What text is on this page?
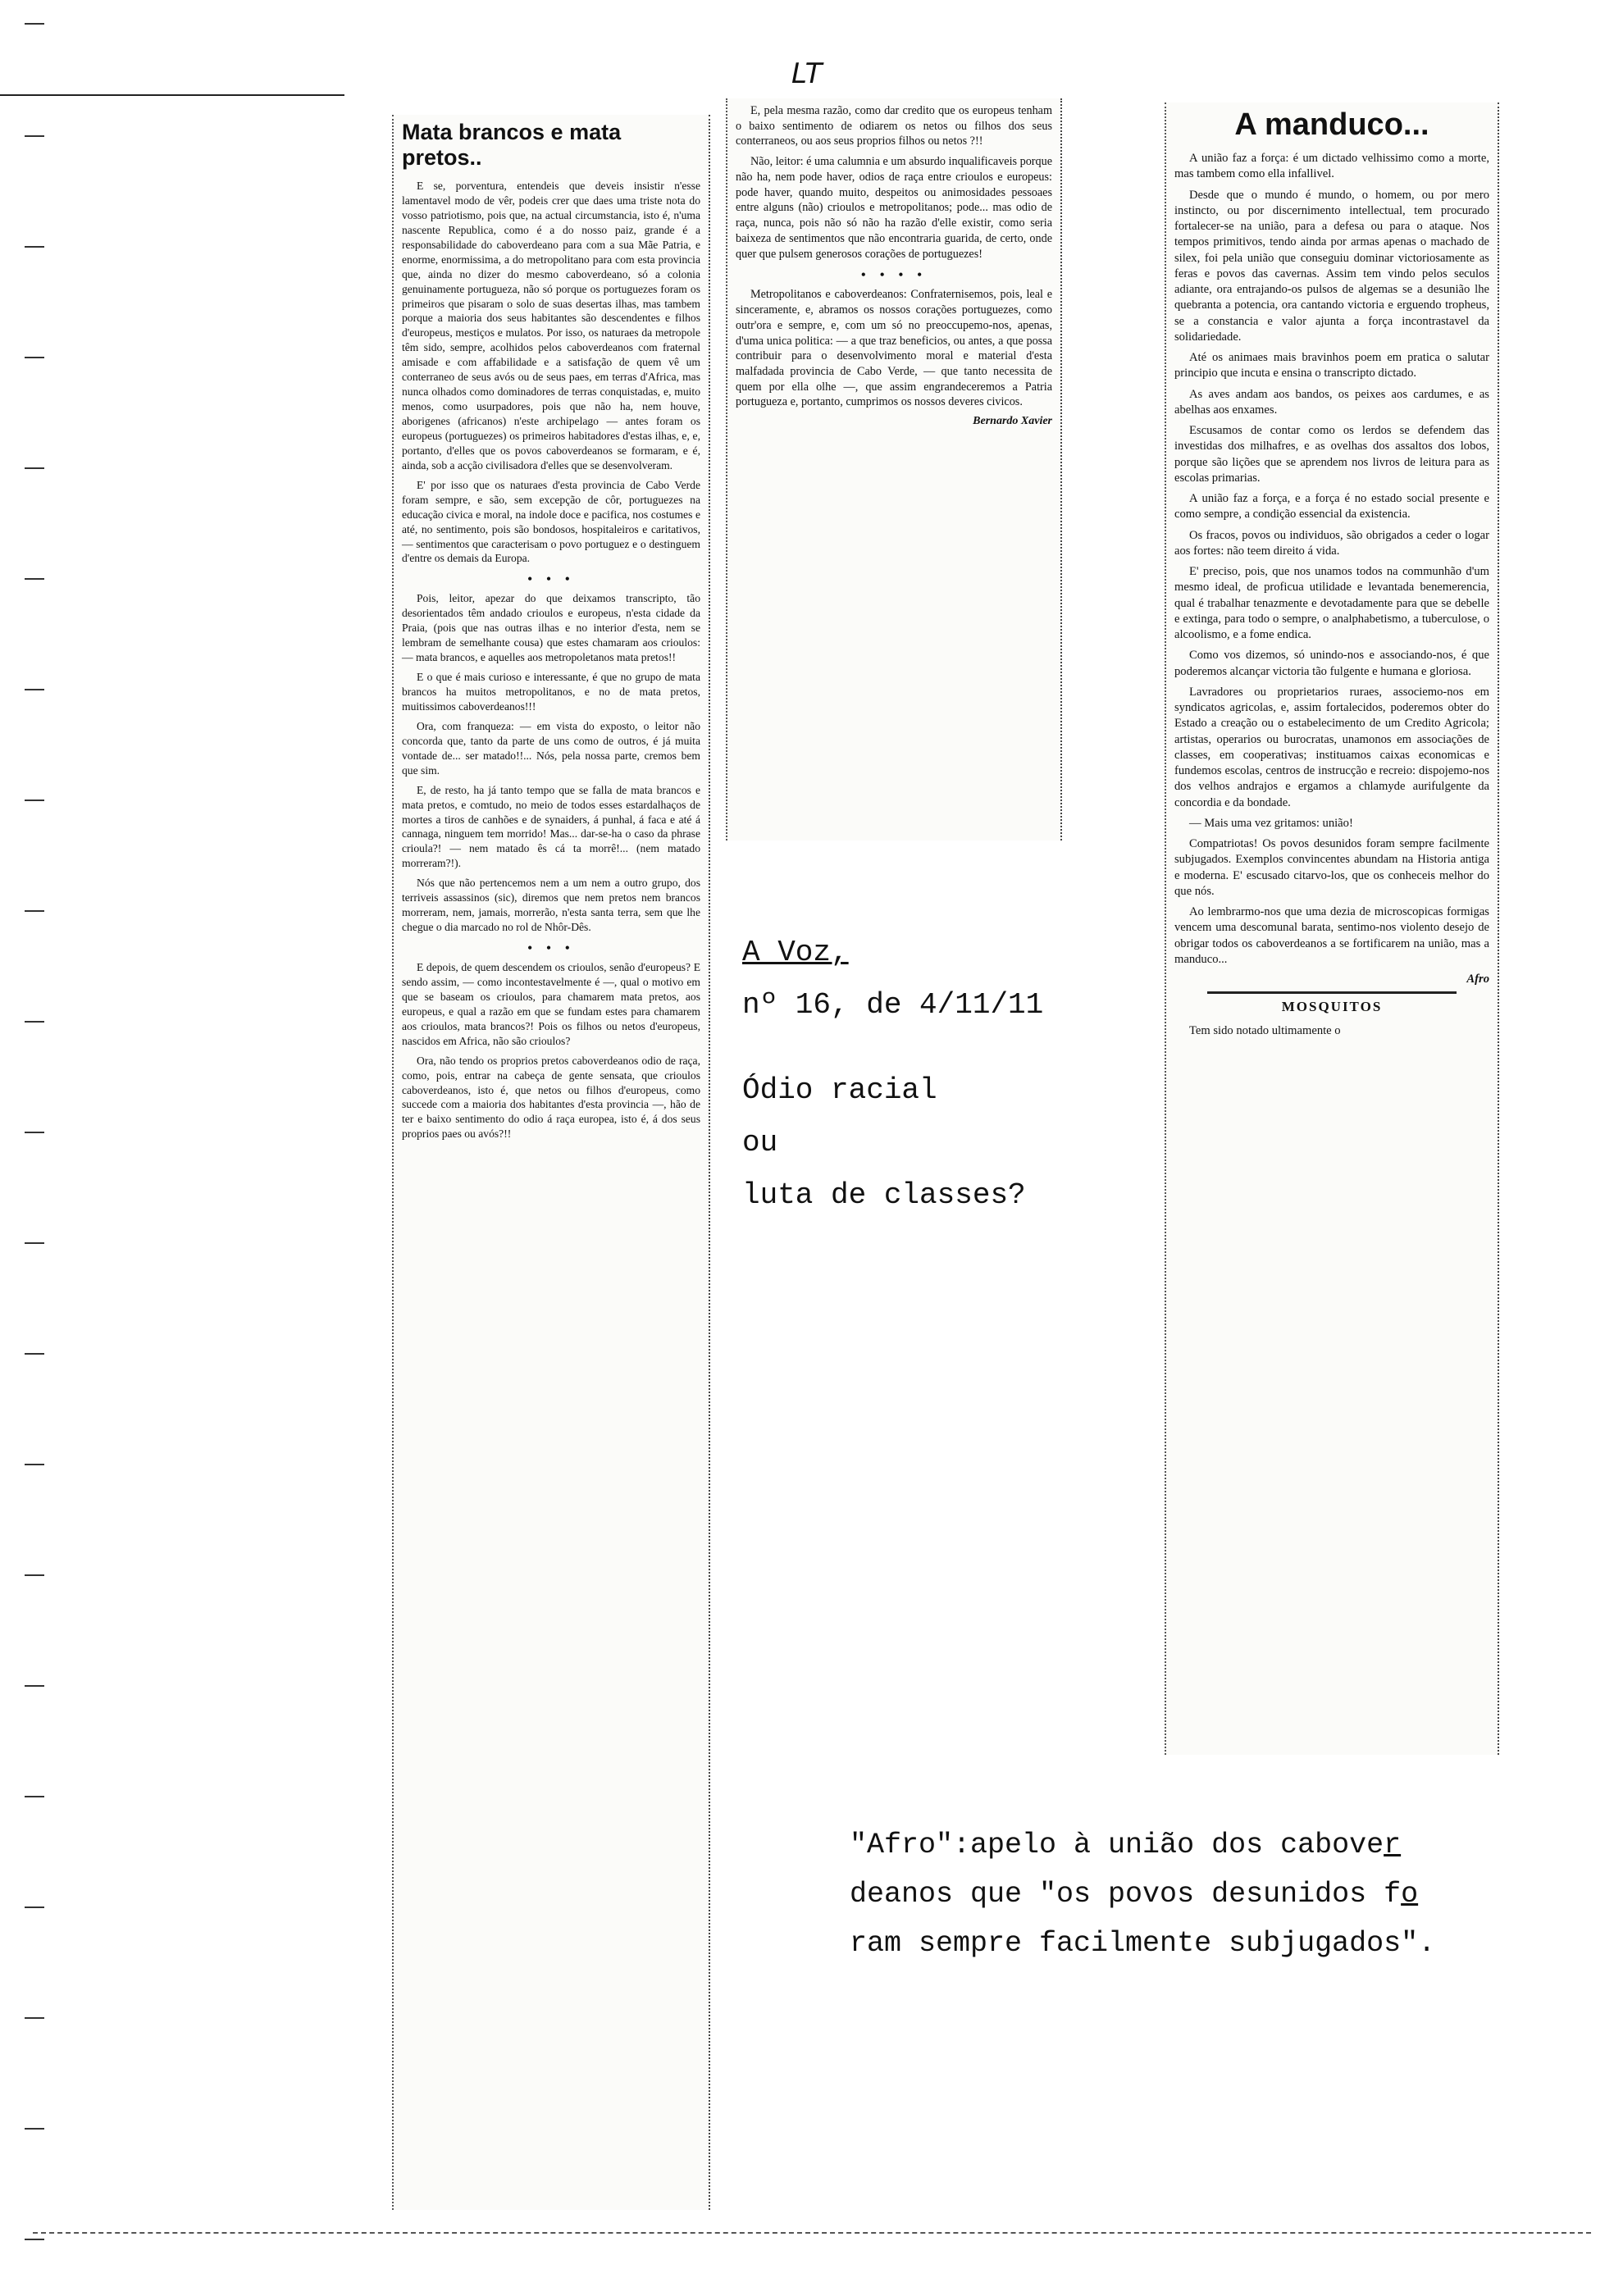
LT
Mata brancos e mata pretos..

E se, porventura, entendeis que deveis insistir n'esse lamentavel modo de vêr, podeis crer que daes uma triste nota do vosso patriotismo, pois que, na actual circumstancia, isto é, n'uma nascente Republica, como é a do nosso paiz, grande é a responsabilidade do caboverdeano para com a sua Mãe Patria, e enorme, enormissima, a do metropolitano para com esta provincia que, ainda no dizer do mesmo caboverdeano, só a colonia genuinamente portugueza, não só porque os portuguezes foram os primeiros que pisaram o solo de suas desertas ilhas, mas tambem porque a maioria dos seus habitantes são descendentes e filhos d'europeus, mestiços e mulatos. Por isso, os naturaes da metropole têm sido, sempre, acolhidos pelos caboverdeanos com fraternal amisade e com affabilidade e a satisfação de quem vê um conterraneo de seus avós ou de seus paes, em terras d'Africa, mas nunca olhados como dominadores de terras conquistadas, e, muito menos, como usurpadores, pois que não ha, nem houve, aborigenes (africanos) n'este archipelago — antes foram os europeus (portuguezes) os primeiros habitadores d'estas ilhas, e, e, portanto, d'elles que os povos caboverdeanos se formaram, e é, ainda, sob a acção civilisadora d'elles que se desenvolveram.

E' por isso que os naturaes d'esta provincia de Cabo Verde foram sempre, e são, sem excepção de côr, portuguezes na educação civica e moral, na indole doce e pacifica, nos costumes e até, no sentimento, pois são bondosos, hospitaleiros e caritativos, — sentimentos que caracterisam o povo portuguez e o destinguem d'entre os demais da Europa.

• • •

Pois, leitor, apezar do que deixamos transcripto, tão desorientados têm andado crioulos e europeus, n'esta cidade da Praia, (pois que nas outras ilhas e no interior d'esta, nem se lembram de semelhante cousa) que estes chamaram aos crioulos: — mata brancos, e aquelles aos metropoletanos mata pretos!!

E o que é mais curioso e interessante, é que no grupo de mata brancos ha muitos metropolitanos, e no de mata pretos, muitissimos caboverdeanos!!!

Ora, com franqueza: — em vista do exposto, o leitor não concorda que, tanto da parte de uns como de outros, é já muita vontade de... ser matado!!... Nós, pela nossa parte, cremos bem que sim.

E, de resto, ha já tanto tempo que se falla de mata brancos e mata pretos, e comtudo, no meio de todos esses estardalhaços de mortes a tiros de canhões e de synaiders, á punhal, á faca e até á cannaga, ninguem tem morrido! Mas... dar-se-ha o caso da phrase crioula?! — nem matado ês cá ta morrê!... (nem matado morreram?!).

Nós que não pertencemos nem a um nem a outro grupo, dos terriveis assassinos (sic), diremos que nem pretos nem brancos morreram, nem, jamais, morrerão, n'esta santa terra, sem que lhe chegue o dia marcado no rol de Nhôr-Dês.

• • •

E depois, de quem descendem os crioulos, senão d'europeus? E sendo assim, — como incontestavelmente é —, qual o motivo em que se baseam os crioulos, para chamarem mata pretos, aos europeus, e qual a razão em que se fundam estes para chamarem aos crioulos, mata brancos?! Pois os filhos ou netos d'europeus, nascidos em Africa, não são crioulos?

Ora, não tendo os proprios pretos caboverdeanos odio de raça, como, pois, entrar na cabeça de gente sensata, que crioulos caboverdeanos, isto é, que netos ou filhos d'europeus, como succede com a maioria dos habitantes d'esta provincia —, hão de ter e baixo sentimento do odio á raça europea, isto é, á dos seus proprios paes ou avós?!!

E, pela mesma razão, como dar credito que os europeus tenham o baixo sentimento de odiarem os netos ou filhos dos seus conterraneos, ou aos seus proprios filhos ou netos ?!!

Não, leitor: é uma calumnia e um absurdo inqualificaveis porque não ha, nem pode haver, odios de raça entre crioulos e europeus: pode haver, quando muito, despeitos ou animosidades pessoaes entre alguns (não) crioulos e metropolitanos; pode... mas odio de raça, nunca, pois não só não ha razão d'elle existir, como seria baixeza de sentimentos que não encontraria guarida, de certo, onde quer que pulsem generosos corações de portuguezes!

• • • •

Metropolitanos e caboverdeanos: Confraternisemos, pois, leal e sinceramente, e, abramos os nossos corações portuguezes, como outr'ora e sempre, e, com um só no preoccupemo-nos, apenas, d'uma unica politica: — a que traz beneficios, ou antes, a que possa contribuir para o desenvolvimento moral e material d'esta malfadada provincia de Cabo Verde, — que tanto necessita de quem por ella olhe —, que assim engrandeceremos a Patria portugueza e, portanto, cumprimos os nossos deveres civicos.

Bernardo Xavier
A manduco...

A união faz a força: é um dictado velhissimo como a morte, mas tambem como ella infallivel.

Desde que o mundo é mundo, o homem, ou por mero instincto, ou por discernimento intellectual, tem procurado fortalecer-se na união, para a defesa ou para o ataque. Nos tempos primitivos, tendo ainda por armas apenas o machado de silex, foi pela união que conseguiu dominar victoriosamente as feras e povos das cavernas. Assim tem vindo pelos seculos adiante, ora entrajando-os pulsos de algemas se a desunião lhe quebranta a potencia, ora cantando victoria e erguendo tropheus, se a constancia e valor ajunta a força incontrastavel da solidariedade.

Até os animaes mais bravinhos poem em pratica o salutar principio que incuta e ensina o transcripto dictado.

As aves andam aos bandos, os peixes aos cardumes, e as abelhas aos enxames.

Escusamos de contar como os lerdos se defendem das investidas dos milhafres, e as ovelhas dos assaltos dos lobos, porque são lições que se aprendem nos livros de leitura para as escolas primarias.

A união faz a força, e a força é no estado social presente e como sempre, a condição essencial da existencia.

Os fracos, povos ou individuos, são obrigados a ceder o logar aos fortes: não teem direito á vida.

E' preciso, pois, que nos unamos todos na communhão d'um mesmo ideal, de proficua utilidade e levantada benemerencia, qual é trabalhar tenazmente e devotadamente para que se debelle e extinga, para todo o sempre, o analphabetismo, a tuberculose, o alcoolismo, e a fome endica.

Como vos dizemos, só unindo-nos e associando-nos, é que poderemos alcançar victoria tão fulgente e humana e gloriosa.

Lavradores ou proprietarios ruraes, associemo-nos em syndicatos agricolas, e, assim fortalecidos, poderemos obter do Estado a creação ou o estabelecimento de um Credito Agricola; artistas, operarios ou burocratas, unamonos em associações de classes, em cooperativas; instituamos caixas economicas e fundemos escolas, centros de instrucção e recreio: dispojemo-nos dos velhos andrajos e ergamos a chlamyde aurifulgente da concordia e da bondade.

— Mais uma vez gritamos: união!

Compatriotas! Os povos desunidos foram sempre facilmente subjugados. Exemplos convincentes abundam na Historia antiga e moderna. E' escusado citarvo-los, que os conheceis melhor do que nós.

Ao lembrarmo-nos que uma dezia de microscopicas formigas vencem uma descomunal barata, sentimo-nos violento desejo de obrigar todos os caboverdeanos a se fortificarem na união, mas a manduco...

Afro
MOSQUITOS

Tem sido notado ultimamente o

A Voz,
nº 16, de 4/11/11
Ódio racial
ou
luta de classes?
"Afro":apelo à união dos cabover
deanos que "os povos desunidos fo
ram sempre facilmente subjugados".
